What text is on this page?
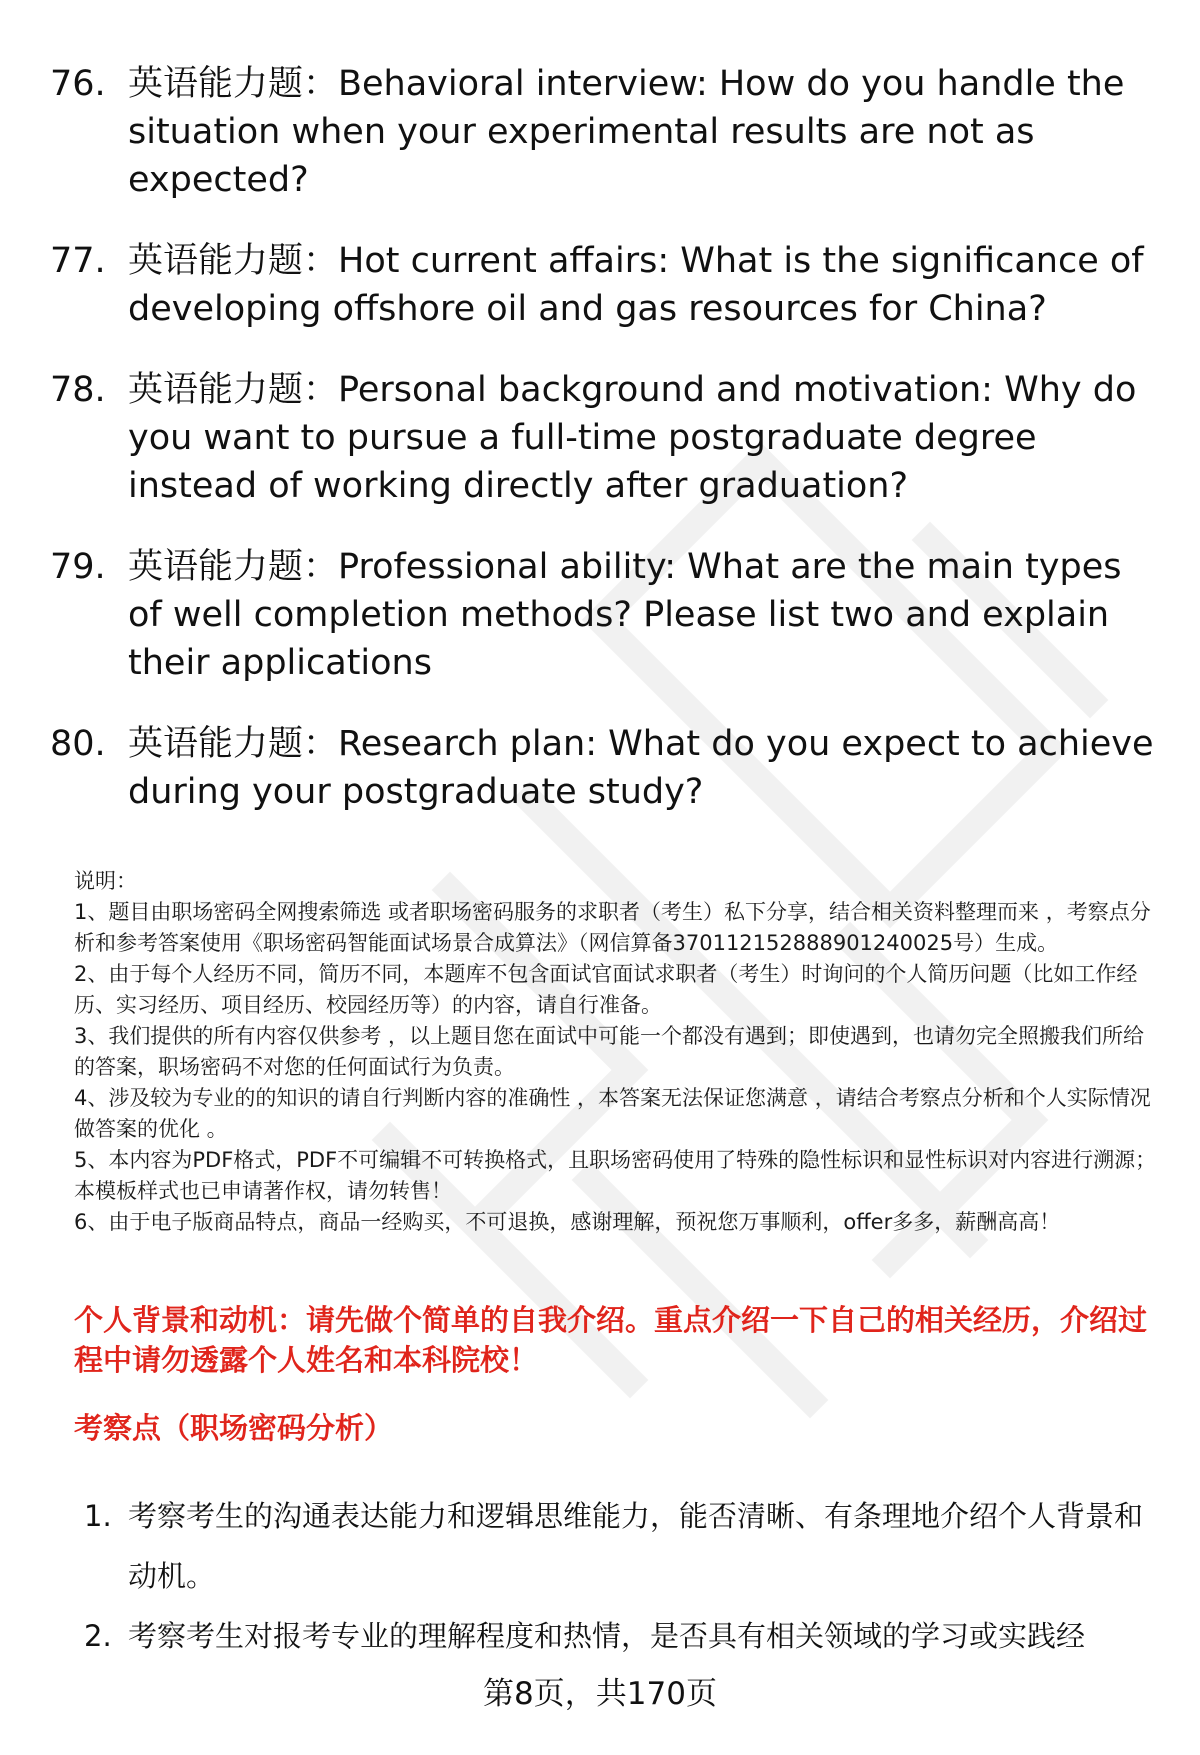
76. 英语能力题：Behavioral interview: How do you handle the situation when your experimental results are not as expected?
77. 英语能力题：Hot current affairs: What is the significance of developing offshore oil and gas resources for China?
78. 英语能力题：Personal background and motivation: Why do you want to pursue a full-time postgraduate degree instead of working directly after graduation?
79. 英语能力题：Professional ability: What are the main types of well completion methods? Please list two and explain their applications
80. 英语能力题：Research plan: What do you expect to achieve during your postgraduate study?

说明：

1、题目由职场密码全网搜索筛选 或者职场密码服务的求职者（考生）私下分享，结合相关资料整理而来 ，考察点分析和参考答案使用《职场密码智能面试场景合成算法》（网信算备370112152888901240025号）生成。

2、由于每个人经历不同，简历不同，本题库不包含面试官面试求职者（考生）时询问的个人简历问题（比如工作经历、实习经历、项目经历、校园经历等）的内容，请自行准备。

3、我们提供的所有内容仅供参考 ，以上题目您在面试中可能一个都没有遇到；即使遇到，也请勿完全照搬我们所给的答案，职场密码不对您的任何面试行为负责。

4、涉及较为专业的的知识的请自行判断内容的准确性 ，本答案无法保证您满意 ，请结合考察点分析和个人实际情况做答案的优化 。

5、本内容为PDF格式，PDF不可编辑不可转换格式，且职场密码使用了特殊的隐性标识和显性标识对内容进行溯源；本模板样式也已申请著作权，请勿转售！

6、由于电子版商品特点，商品一经购买，不可退换，感谢理解，预祝您万事顺利，offer多多，薪酬高高！

个人背景和动机：请先做个简单的自我介绍。重点介绍一下自己的相关经历，介绍过程中请勿透露个人姓名和本科院校！
考察点（职场密码分析）
1. 考察考生的沟通表达能力和逻辑思维能力，能否清晰、有条理地介绍个人背景和动机。
2. 考察考生对报考专业的理解程度和热情，是否具有相关领域的学习或实践经
第8页，共170页
